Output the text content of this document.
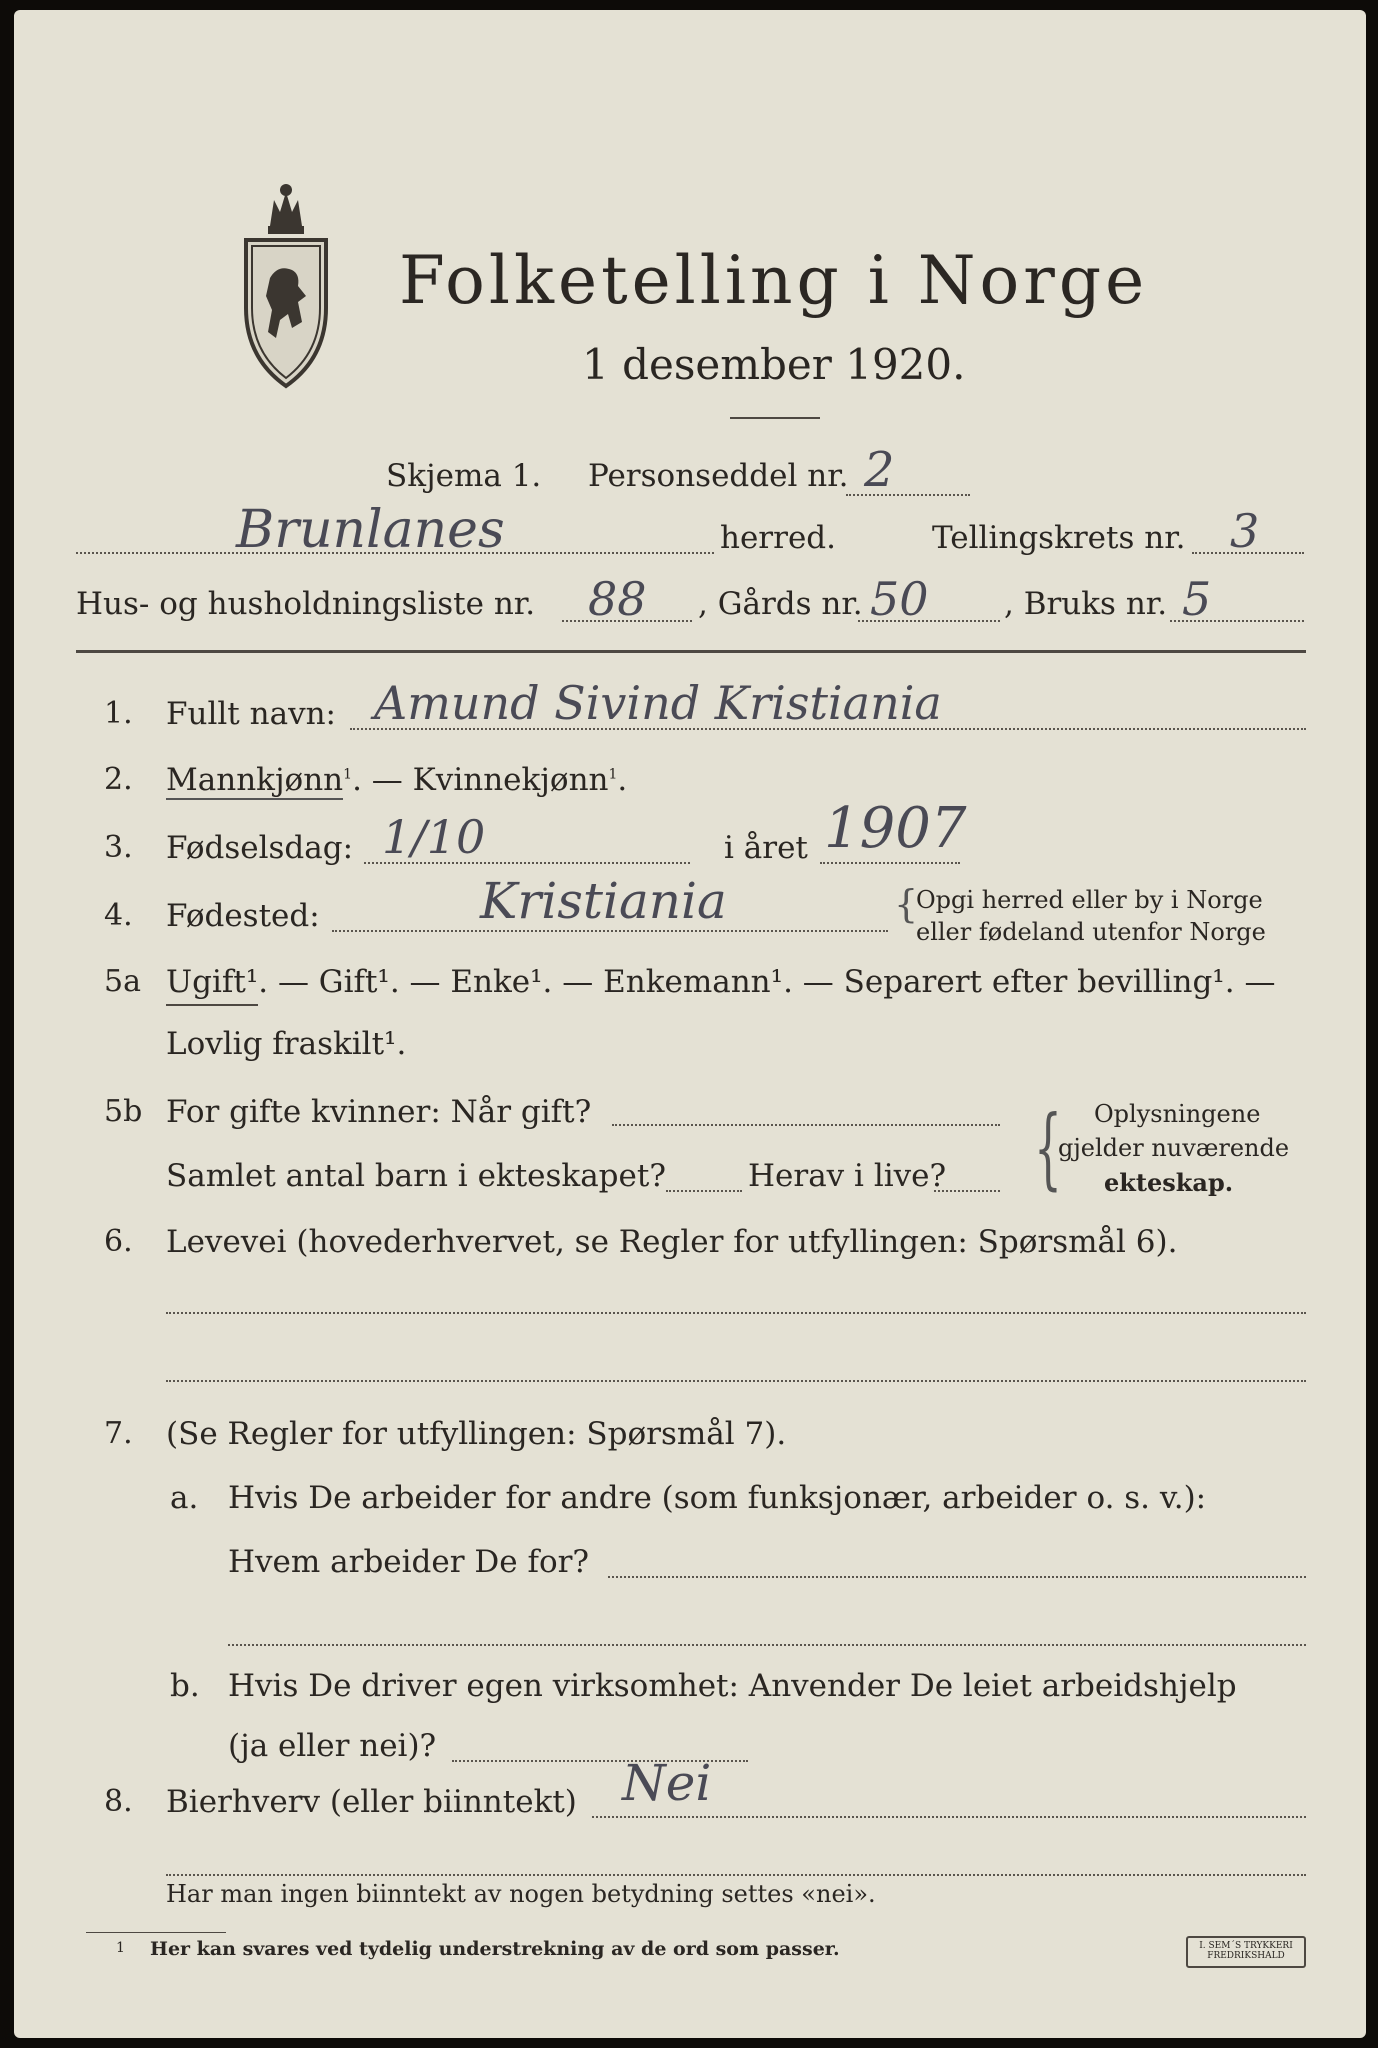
Folketelling i Norge
1 desember 1920.
Skjema 1. Personseddel nr. 2
Brunlanes	herred.	Tellingskrets nr. 3
Hus- og husholdningsliste nr. 88 , Gårds nr. 50 , Bruks nr. 5
1. Fullt navn: Amund Sivind Kristiania
2. Mannkjønn$^1$. — Kvinnekjønn$^1$.
3. Fødselsdag: 1/10	i året 1907
4. Fødested:	Kristiania	{
Opgi herred eller by i Norge
eller fødeland utenfor Norge
5a Ugift¹. — Gift¹. — Enke¹. — Enkemann¹. — Separert efter bevilling¹. —
Lovlig fraskilt¹.
5b For gifte kvinner: Når gift?
Samlet antal barn i ekteskapet?	Herav i live? { Oplysningene
gjelder nuværende
ekteskap.
6. Levevei (hovederhvervet, se Regler for utfyllingen: Spørsmål 6).
7. (Se Regler for utfyllingen: Spørsmål 7).
a. Hvis De arbeider for andre (som funksjonær, arbeider o. s. v.):
Hvem arbeider De for?
b. Hvis De driver egen virksomhet: Anvender De leiet arbeidshjelp
(ja eller nei)?
8. Bierhverv (eller biinntekt) Nei
Har man ingen biinntekt av nogen betydning settes «nei».
1 Her kan svares ved tydelig understrekning av de ord som passer.	I. SEM´S TRYKKERI
FREDRIKSHALD
